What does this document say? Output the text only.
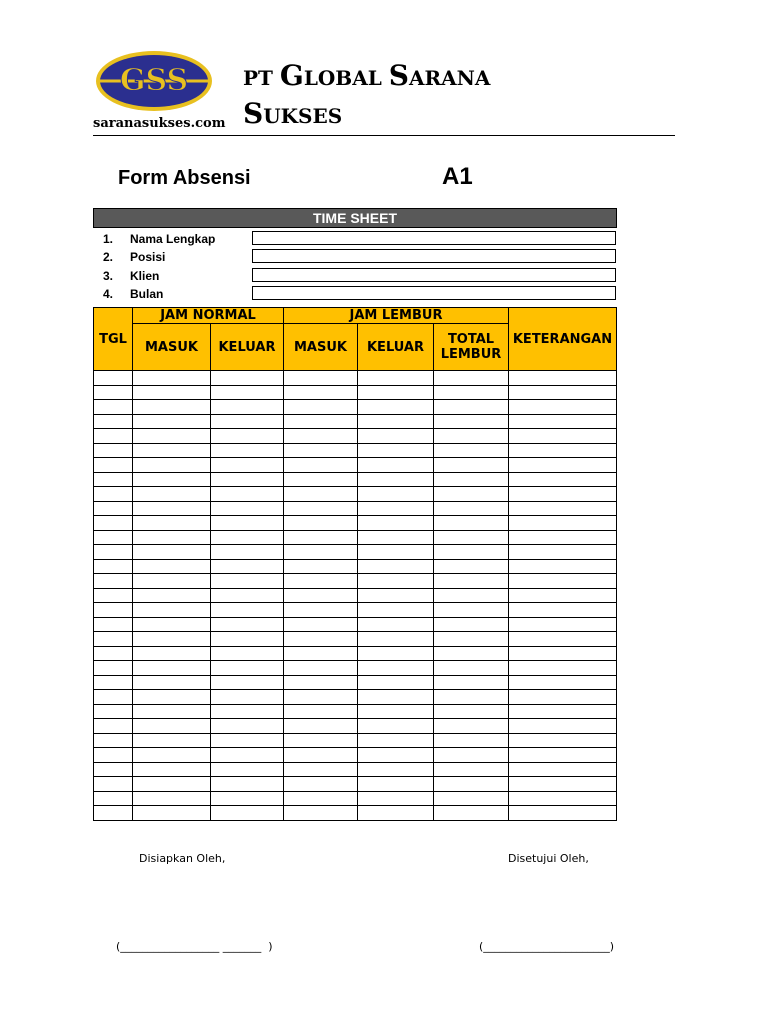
GSS	PT GLOBAL SARANA SUKSES
saranasukses.com
Form Absensi	A1
TIME SHEET
1. Nama Lengkap
2. Posisi
3. Klien
4. Bulan
TGL	JAM NORMAL		JAM LEMBUR			KETERANGAN
	MASUK	KELUAR	MASUK	KELUAR	TOTAL LEMBUR	

Disiapkan Oleh,	Disetujui Oleh,
(__________________ _______  )	(_______________________)
